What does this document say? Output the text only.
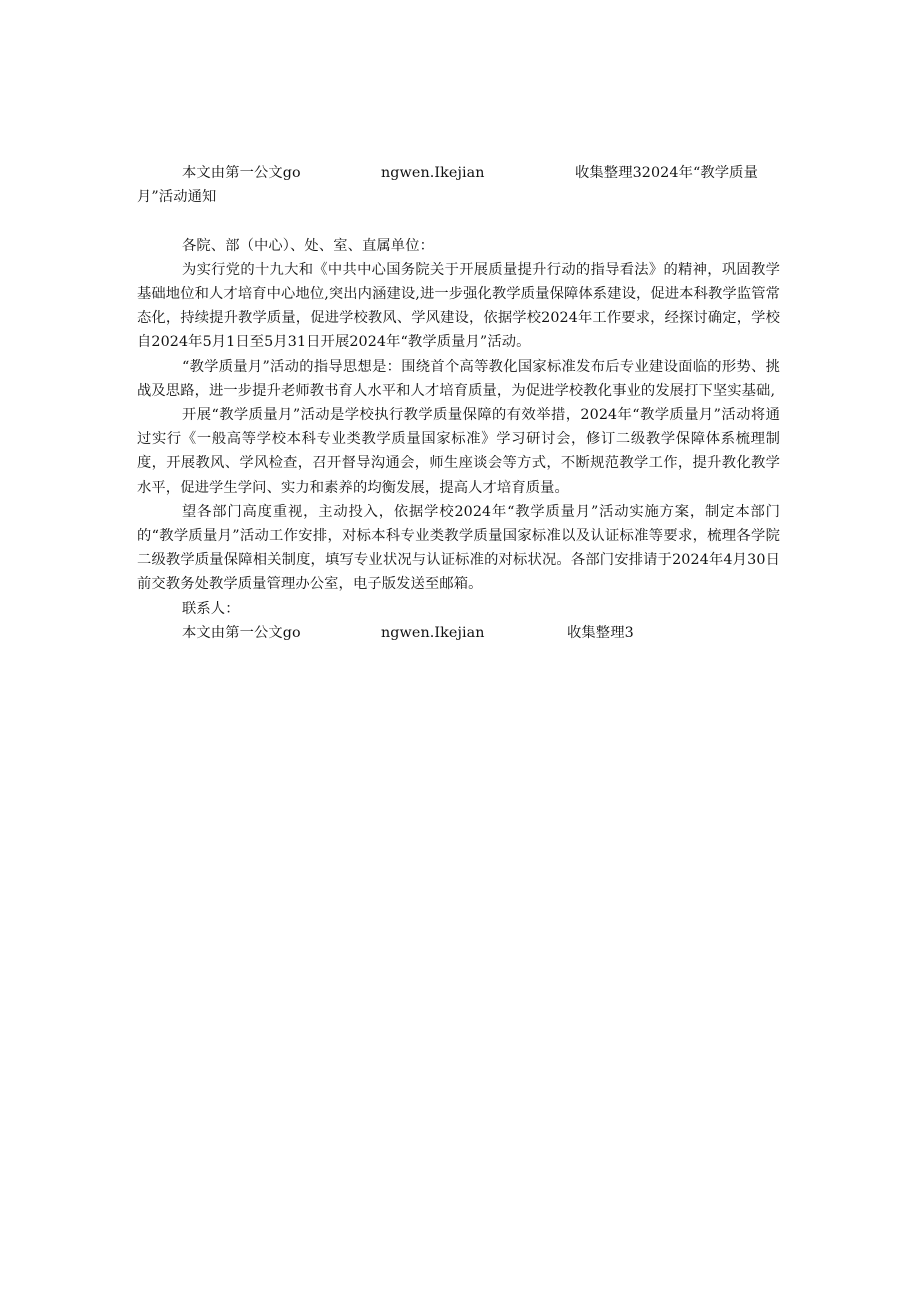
本文由第一公文go	ngwen.Ikejian	收集整理32024年“教学质量

月”活动通知

各院、部（中心）、处、室、直属单位：

为实行党的十九大和《中共中心国务院关于开展质量提升行动的指导看法》的精神，巩固教学基础地位和人才培育中心地位,突出内涵建设,进一步强化教学质量保障体系建设，促进本科教学监管常态化，持续提升教学质量，促进学校教风、学风建设，依据学校2024年工作要求，经探讨确定，学校自2024年5月1日至5月31日开展2024年“教学质量月”活动。

“教学质量月”活动的指导思想是：围绕首个高等教化国家标准发布后专业建设面临的形势、挑战及思路，进一步提升老师教书育人水平和人才培育质量，为促进学校教化事业的发展打下坚实基础,

开展“教学质量月”活动是学校执行教学质量保障的有效举措，2024年“教学质量月”活动将通过实行《一般高等学校本科专业类教学质量国家标准》学习研讨会，修订二级教学保障体系梳理制度，开展教风、学风检查，召开督导沟通会，师生座谈会等方式，不断规范教学工作，提升教化教学水平，促进学生学问、实力和素养的均衡发展，提高人才培育质量。

望各部门高度重视，主动投入，依据学校2024年“教学质量月”活动实施方案，制定本部门的“教学质量月”活动工作安排，对标本科专业类教学质量国家标准以及认证标准等要求，梳理各学院二级教学质量保障相关制度，填写专业状况与认证标准的对标状况。各部门安排请于2024年4月30日前交教务处教学质量管理办公室，电子版发送至邮箱。

联系人：

本文由第一公文go	ngwen.Ikejian	收集整理3
